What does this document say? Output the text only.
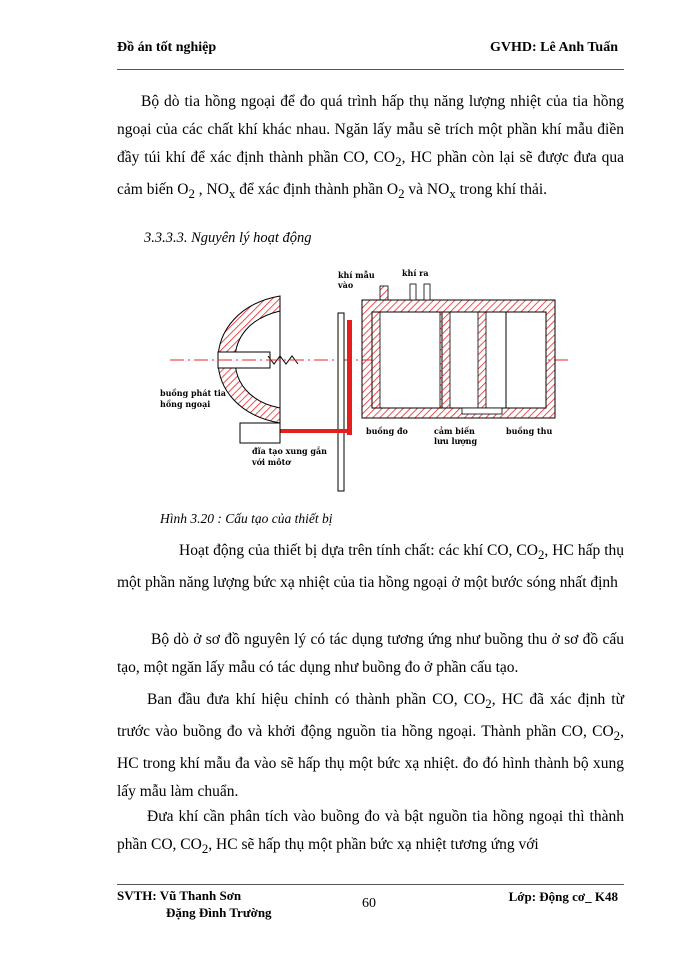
Đồ án tốt nghiệp	GVHD: Lê Anh Tuấn

Bộ dò tia hồng ngoại để đo quá trình hấp thụ năng lượng nhiệt của tia hồng ngoại của các chất khí khác nhau. Ngăn lấy mẫu sẽ trích một phần khí mẫu điền đầy túi khí để xác định thành phần CO, $CO_2$, HC phần còn lại sẽ được đưa qua cảm biến $O_2$ , $NO_x$ để xác định thành phần $O_2$ và $NO_x$ trong khí thải.

3.3.3.3. Nguyên lý hoạt động
khí mẫu vào
khí ra
buồng phát tia hồng ngoại
đĩa tạo xung gắn với môtơ
buồng đo	cảm biến lưu lượng
buồng thu
Hình 3.20 : Cấu tạo của thiết bị

Hoạt động của thiết bị dựa trên tính chất: các khí CO, $CO_2$, HC hấp thụ một phần năng lượng bức xạ nhiệt của tia hồng ngoại ở một bước sóng nhất định

Bộ dò ở sơ đồ nguyên lý có tác dụng tương ứng như buồng thu ở sơ đồ cấu tạo, một ngăn lấy mẫu có tác dụng như buồng đo ở phần cấu tạo.

Ban đầu đưa khí hiệu chỉnh có thành phần CO, $CO_2$, HC đã xác định từ trước vào buồng đo và khởi động nguồn tia hồng ngoại. Thành phần CO, $CO_2$, HC trong khí mẫu đa vào sẽ hấp thụ một bức xạ nhiệt. đo đó hình thành bộ xung lấy mẫu làm chuẩn.

Đưa khí cần phân tích vào buồng đo và bật nguồn tia hồng ngoại thì thành phần CO, $CO_2$, HC sẽ hấp thụ một phần bức xạ nhiệt tương ứng với

SVTH: Vũ Thanh Sơn
Đặng Đình Trường
60	Lớp: Động cơ_ K48
